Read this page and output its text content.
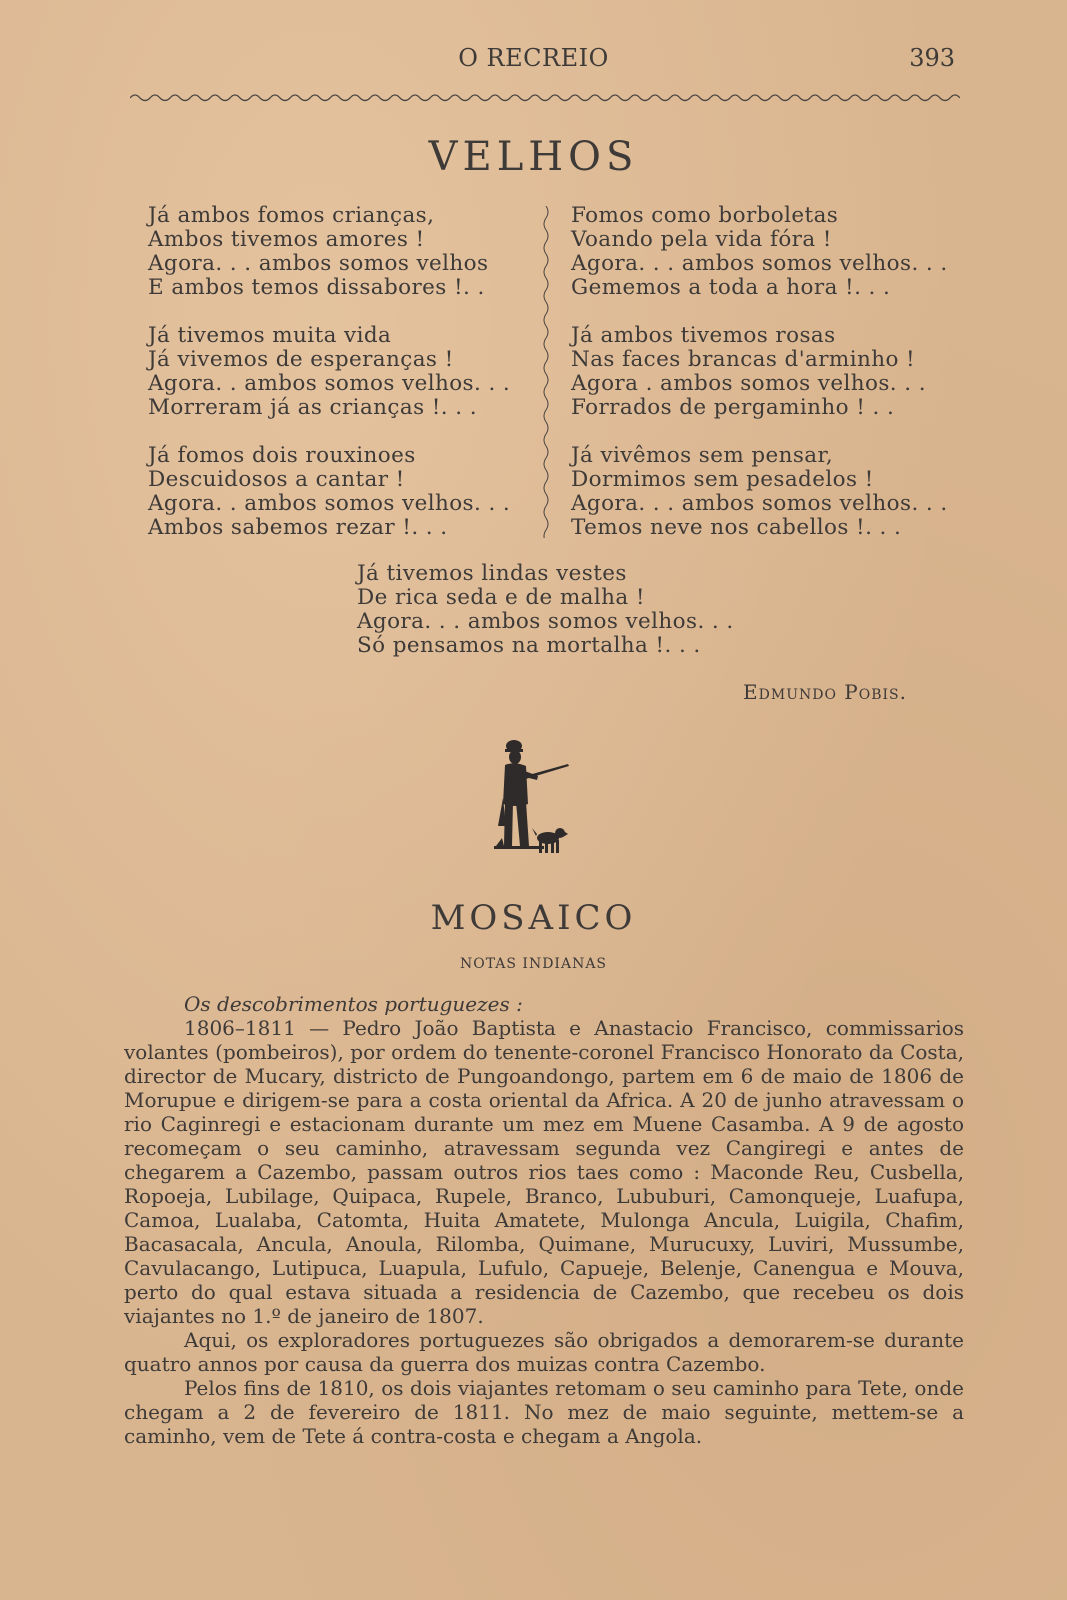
O RECREIO	393
VELHOS
Já ambos fomos crianças,
Ambos tivemos amores !
Agora. . . ambos somos velhos
E ambos temos dissabores !. .
Já tivemos muita vida
Já vivemos de esperanças !
Agora. . ambos somos velhos. . .
Morreram já as crianças !. . .
Já fomos dois rouxinoes
Descuidosos a cantar !
Agora. . ambos somos velhos. . .
Ambos sabemos rezar !. . .
Fomos como borboletas
Voando pela vida fóra !
Agora. . . ambos somos velhos. . .
Gememos a toda a hora !. . .
Já ambos tivemos rosas
Nas faces brancas d'arminho !
Agora . ambos somos velhos. . .
Forrados de pergaminho ! . .
Já vivêmos sem pensar,
Dormimos sem pesadelos !
Agora. . . ambos somos velhos. . .
Temos neve nos cabellos !. . .
Já tivemos lindas vestes
De rica seda e de malha !
Agora. . . ambos somos velhos. . .
Só pensamos na mortalha !. . .
Edmundo Pobis.
MOSAICO
NOTAS INDIANAS

Os descobrimentos portuguezes :

1806–1811 — Pedro João Baptista e Anastacio Francisco, commissarios volantes (pombeiros), por ordem do tenente-coronel Francisco Honorato da Costa, director de Mucary, districto de Pungoandongo, partem em 6 de maio de 1806 de Morupue e dirigem-se para a costa oriental da Africa. A 20 de junho atravessam o rio Caginregi e estacionam durante um mez em Muene Casamba. A 9 de agosto recomeçam o seu caminho, atravessam segunda vez Cangiregi e antes de chegarem a Cazembo, passam outros rios taes como : Maconde Reu, Cusbella, Ropoeja, Lubilage, Quipaca, Rupele, Branco, Lububuri, Camonqueje, Luafupa, Camoa, Lualaba, Catomta, Huita Amatete, Mulonga Ancula, Luigila, Chafim, Bacasacala, Ancula, Anoula, Rilomba, Quimane, Murucuxy, Luviri, Mussumbe, Cavulacango, Lutipuca, Luapula, Lufulo, Capueje, Belenje, Canengua e Mouva, perto do qual estava situada a residencia de Cazembo, que recebeu os dois viajantes no 1.º de janeiro de 1807.

Aqui, os exploradores portuguezes são obrigados a demorarem-se durante quatro annos por causa da guerra dos muizas contra Cazembo.

Pelos fins de 1810, os dois viajantes retomam o seu caminho para Tete, onde chegam a 2 de fevereiro de 1811. No mez de maio seguinte, mettem-se a caminho, vem de Tete á contra-costa e chegam a Angola.
